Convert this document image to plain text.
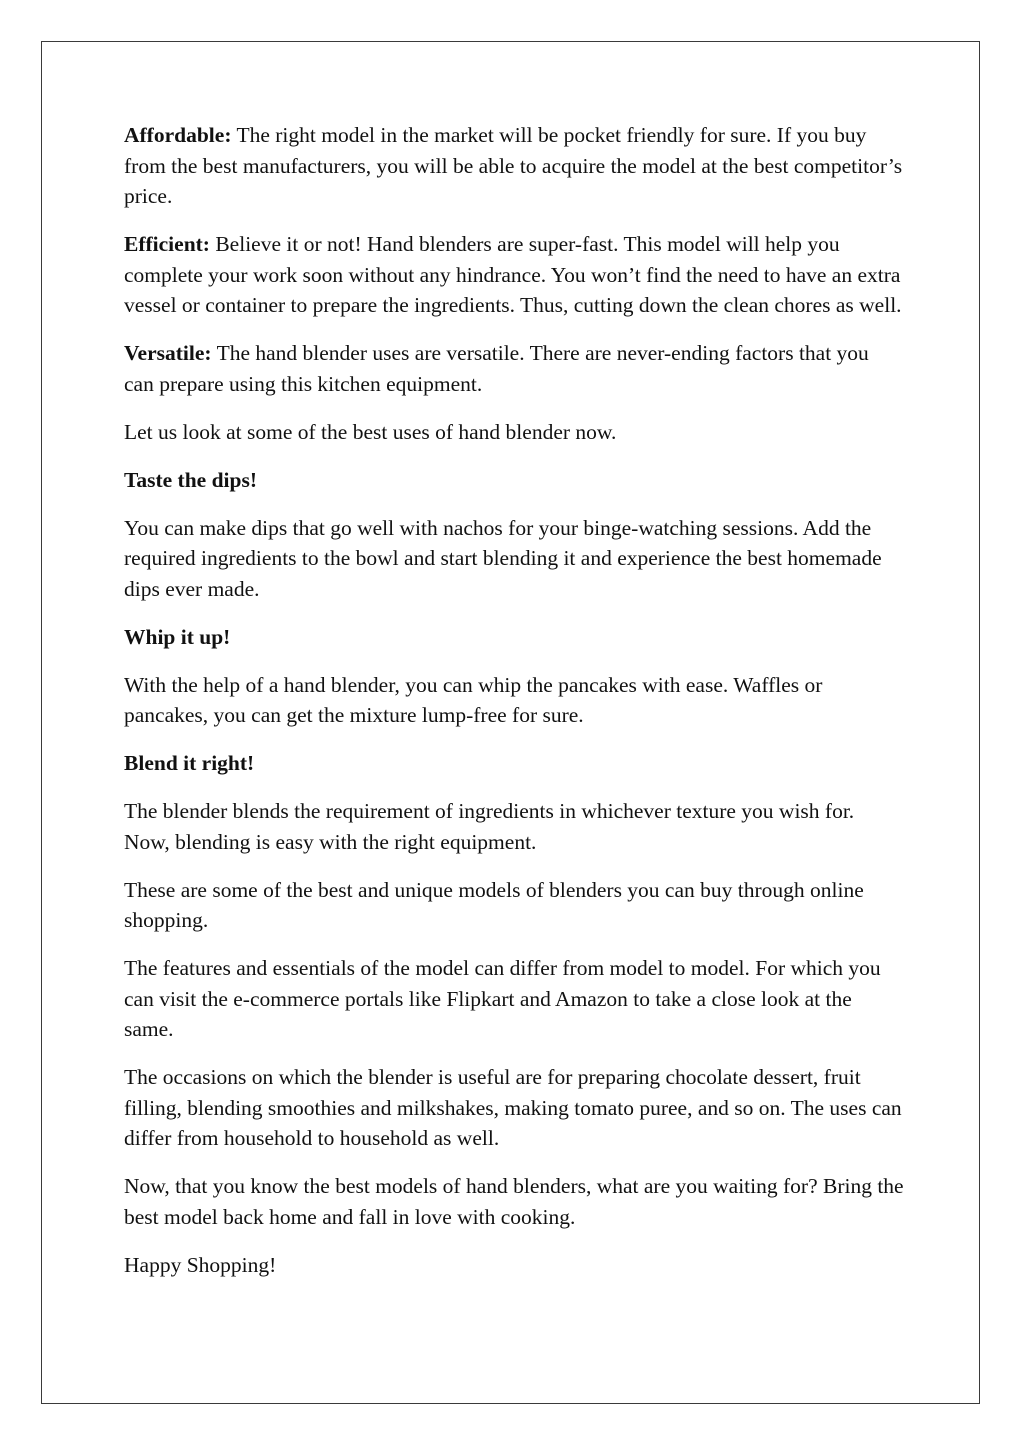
Affordable: The right model in the market will be pocket friendly for sure. If you buy from the best manufacturers, you will be able to acquire the model at the best competitor’s price.

Efficient: Believe it or not! Hand blenders are super-fast. This model will help you complete your work soon without any hindrance. You won’t find the need to have an extra vessel or container to prepare the ingredients. Thus, cutting down the clean chores as well.

Versatile: The hand blender uses are versatile. There are never-ending factors that you can prepare using this kitchen equipment.

Let us look at some of the best uses of hand blender now.

Taste the dips!

You can make dips that go well with nachos for your binge-watching sessions. Add the required ingredients to the bowl and start blending it and experience the best homemade dips ever made.

Whip it up!

With the help of a hand blender, you can whip the pancakes with ease. Waffles or pancakes, you can get the mixture lump-free for sure.

Blend it right!

The blender blends the requirement of ingredients in whichever texture you wish for. Now, blending is easy with the right equipment.

These are some of the best and unique models of blenders you can buy through online shopping.

The features and essentials of the model can differ from model to model. For which you can visit the e-commerce portals like Flipkart and Amazon to take a close look at the same.

The occasions on which the blender is useful are for preparing chocolate dessert, fruit filling, blending smoothies and milkshakes, making tomato puree, and so on. The uses can differ from household to household as well.

Now, that you know the best models of hand blenders, what are you waiting for? Bring the best model back home and fall in love with cooking.

Happy Shopping!
